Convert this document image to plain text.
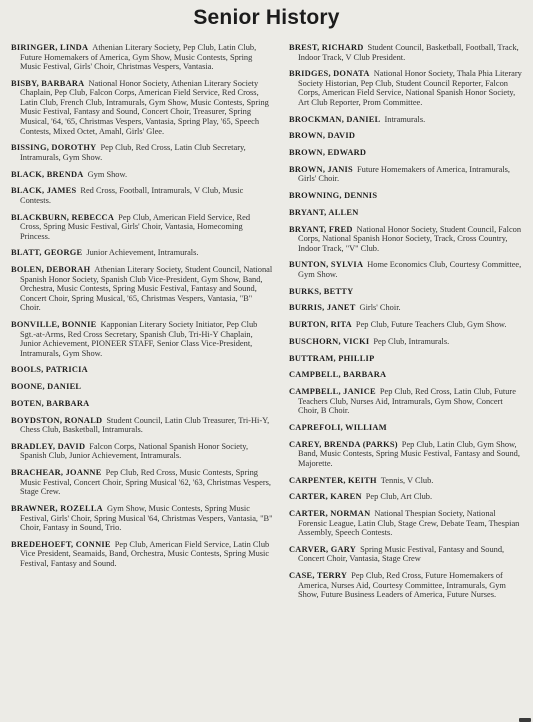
Senior History

BIRINGER, LINDA Athenian Literary Society, Pep Club, Latin Club, Future Homemakers of America, Gym Show, Music Contests, Spring Music Festival, Girls' Choir, Christmas Vespers, Vantasia.

BISBY, BARBARA National Honor Society, Athenian Literary Society Chaplain, Pep Club, Falcon Corps, American Field Service, Red Cross, Latin Club, French Club, Intramurals, Gym Show, Music Contests, Spring Music Festival, Fantasy and Sound, Concert Choir, Treasurer, Spring Musical, '64, '65, Christmas Vespers, Vantasia, Spring Play, '65, Speech Contests, Mixed Octet, Amahl, Girls' Glee.

BISSING, DOROTHY Pep Club, Red Cross, Latin Club Secretary, Intramurals, Gym Show.

BLACK, BRENDA Gym Show.

BLACK, JAMES Red Cross, Football, Intramurals, V Club, Music Contests.

BLACKBURN, REBECCA Pep Club, American Field Service, Red Cross, Spring Music Festival, Girls' Choir, Vantasia, Homecoming Princess.

BLATT, GEORGE Junior Achievement, Intramurals.

BOLEN, DEBORAH Athenian Literary Society, Student Council, National Spanish Honor Society, Spanish Club Vice-President, Gym Show, Band, Orchestra, Music Contests, Spring Music Festival, Fantasy and Sound, Concert Choir, Spring Musical, '65, Christmas Vespers, Vantasia, "B" Choir.

BONVILLE, BONNIE Kapponian Literary Society Initiator, Pep Club Sgt.-at-Arms, Red Cross Secretary, Spanish Club, Tri-Hi-Y Chaplain, Junior Achievement, PIONEER STAFF, Senior Class Vice-President, Intramurals, Gym Show.

BOOLS, PATRICIA

BOONE, DANIEL

BOTEN, BARBARA

BOYDSTON, RONALD Student Council, Latin Club Treasurer, Tri-Hi-Y, Chess Club, Basketball, Intramurals.

BRADLEY, DAVID Falcon Corps, National Spanish Honor Society, Spanish Club, Junior Achievement, Intramurals.

BRACHEAR, JOANNE Pep Club, Red Cross, Music Contests, Spring Music Festival, Concert Choir, Spring Musical '62, '63, Christmas Vespers, Stage Crew.

BRAWNER, ROZELLA Gym Show, Music Contests, Spring Music Festival, Girls' Choir, Spring Musical '64, Christmas Vespers, Vantasia, "B" Choir, Fantasy in Sound, Trio.

BREDEHOEFT, CONNIE Pep Club, American Field Service, Latin Club Vice President, Seamaids, Band, Orchestra, Music Contests, Spring Music Festival, Fantasy and Sound.

BREST, RICHARD Student Council, Basketball, Football, Track, Indoor Track, V Club President.

BRIDGES, DONATA National Honor Society, Thala Phia Literary Society Historian, Pep Club, Student Council Reporter, Falcon Corps, American Field Service, National Spanish Honor Society, Art Club Reporter, Prom Committee.

BROCKMAN, DANIEL Intramurals.

BROWN, DAVID

BROWN, EDWARD

BROWN, JANIS Future Homemakers of America, Intramurals, Girls' Choir.

BROWNING, DENNIS

BRYANT, ALLEN

BRYANT, FRED National Honor Society, Student Council, Falcon Corps, National Spanish Honor Society, Track, Cross Country, Indoor Track, "V" Club.

BUNTON, SYLVIA Home Economics Club, Courtesy Committee, Gym Show.

BURKS, BETTY

BURRIS, JANET Girls' Choir.

BURTON, RITA Pep Club, Future Teachers Club, Gym Show.

BUSCHORN, VICKI Pep Club, Intramurals.

BUTTRAM, PHILLIP

CAMPBELL, BARBARA

CAMPBELL, JANICE Pep Club, Red Cross, Latin Club, Future Teachers Club, Nurses Aid, Intramurals, Gym Show, Concert Choir, B Choir.

CAPREFOLI, WILLIAM

CAREY, BRENDA (PARKS) Pep Club, Latin Club, Gym Show, Band, Music Contests, Spring Music Festival, Fantasy and Sound, Majorette.

CARPENTER, KEITH Tennis, V Club.

CARTER, KAREN Pep Club, Art Club.

CARTER, NORMAN National Thespian Society, National Forensic League, Latin Club, Stage Crew, Debate Team, Thespian Assembly, Speech Contests.

CARVER, GARY Spring Music Festival, Fantasy and Sound, Concert Choir, Vantasia, Stage Crew

CASE, TERRY Pep Club, Red Cross, Future Homemakers of America, Nurses Aid, Courtesy Committee, Intramurals, Gym Show, Future Business Leaders of America, Future Nurses.
